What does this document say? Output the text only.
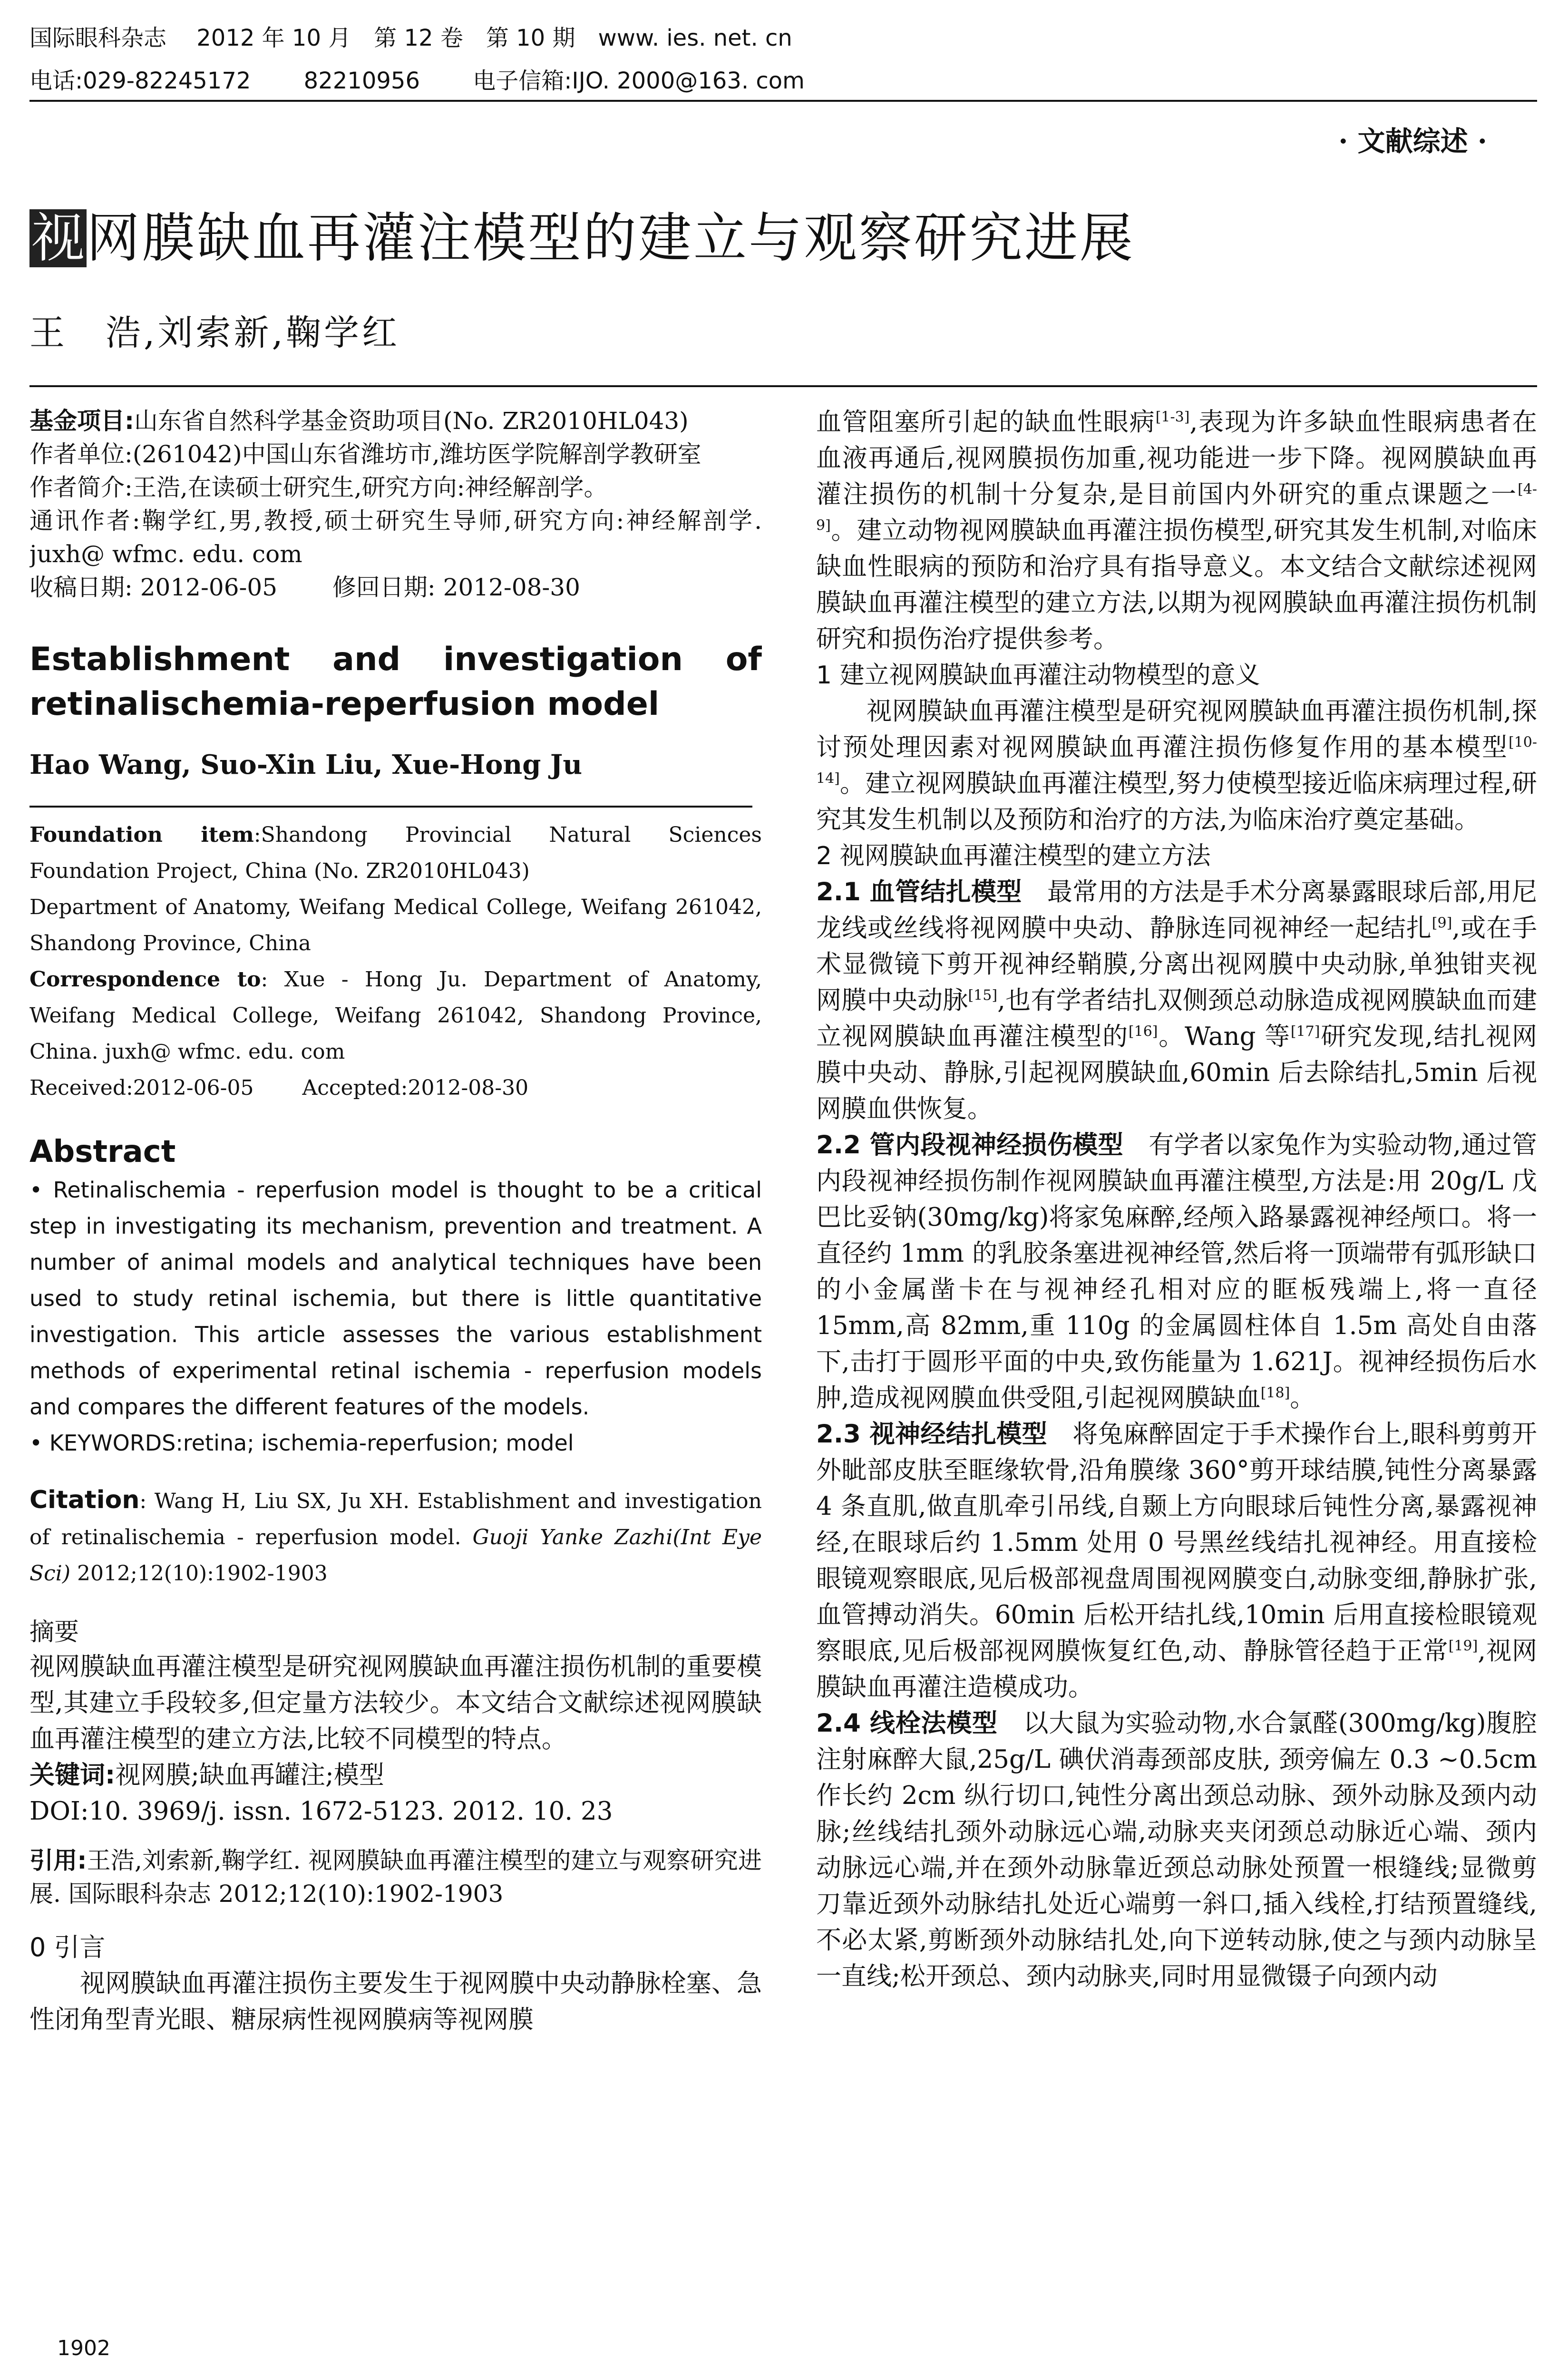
国际眼科杂志　 2012 年 10 月　第 12 卷　第 10 期　www. ies. net. cn
电话:029-82245172　　 82210956　　 电子信箱:IJO. 2000@163. com
· 文献综述 ·
视网膜缺血再灌注模型的建立与观察研究进展
王　浩,刘索新,鞠学红

基金项目:山东省自然科学基金资助项目(No. ZR2010HL043)

作者单位:(261042)中国山东省潍坊市,潍坊医学院解剖学教研室

作者简介:王浩,在读硕士研究生,研究方向:神经解剖学。

通讯作者:鞠学红,男,教授,硕士研究生导师,研究方向:神经解剖学. juxh@ wfmc. edu. com

收稿日期: 2012-06-05　　 修回日期: 2012-08-30

Establishment and investigation of retinalischemia-reperfusion model
Hao Wang, Suo-Xin Liu, Xue-Hong Ju

Foundation item:Shandong Provincial Natural Sciences Foundation Project, China (No. ZR2010HL043)

Department of Anatomy, Weifang Medical College, Weifang 261042, Shandong Province, China

Correspondence to: Xue - Hong Ju. Department of Anatomy, Weifang Medical College, Weifang 261042, Shandong Province, China. juxh@ wfmc. edu. com

Received:2012-06-05　　 Accepted:2012-08-30

Abstract

• Retinalischemia - reperfusion model is thought to be a critical step in investigating its mechanism, prevention and treatment. A number of animal models and analytical techniques have been used to study retinal ischemia, but there is little quantitative investigation. This article assesses the various establishment methods of experimental retinal ischemia - reperfusion models and compares the different features of the models.

• KEYWORDS:retina; ischemia-reperfusion; model

Citation: Wang H, Liu SX, Ju XH. Establishment and investigation of retinalischemia - reperfusion model. Guoji Yanke Zazhi(Int Eye Sci) 2012;12(10):1902-1903

摘要

视网膜缺血再灌注模型是研究视网膜缺血再灌注损伤机制的重要模型,其建立手段较多,但定量方法较少。本文结合文献综述视网膜缺血再灌注模型的建立方法,比较不同模型的特点。

关键词:视网膜;缺血再罐注;模型

DOI:10. 3969/j. issn. 1672-5123. 2012. 10. 23

引用:王浩,刘索新,鞠学红. 视网膜缺血再灌注模型的建立与观察研究进展. 国际眼科杂志 2012;12(10):1902-1903

0 引言

视网膜缺血再灌注损伤主要发生于视网膜中央动静脉栓塞、急性闭角型青光眼、糖尿病性视网膜病等视网膜

血管阻塞所引起的缺血性眼病[1-3],表现为许多缺血性眼病患者在血液再通后,视网膜损伤加重,视功能进一步下降。视网膜缺血再灌注损伤的机制十分复杂,是目前国内外研究的重点课题之一[4-9]。建立动物视网膜缺血再灌注损伤模型,研究其发生机制,对临床缺血性眼病的预防和治疗具有指导意义。本文结合文献综述视网膜缺血再灌注模型的建立方法,以期为视网膜缺血再灌注损伤机制研究和损伤治疗提供参考。

1 建立视网膜缺血再灌注动物模型的意义

视网膜缺血再灌注模型是研究视网膜缺血再灌注损伤机制,探讨预处理因素对视网膜缺血再灌注损伤修复作用的基本模型[10-14]。建立视网膜缺血再灌注模型,努力使模型接近临床病理过程,研究其发生机制以及预防和治疗的方法,为临床治疗奠定基础。

2 视网膜缺血再灌注模型的建立方法

2.1 血管结扎模型　最常用的方法是手术分离暴露眼球后部,用尼龙线或丝线将视网膜中央动、静脉连同视神经一起结扎[9],或在手术显微镜下剪开视神经鞘膜,分离出视网膜中央动脉,单独钳夹视网膜中央动脉[15],也有学者结扎双侧颈总动脉造成视网膜缺血而建立视网膜缺血再灌注模型的[16]。Wang 等[17]研究发现,结扎视网膜中央动、静脉,引起视网膜缺血,60min 后去除结扎,5min 后视网膜血供恢复。

2.2 管内段视神经损伤模型　有学者以家兔作为实验动物,通过管内段视神经损伤制作视网膜缺血再灌注模型,方法是:用 20g/L 戊巴比妥钠(30mg/kg)将家兔麻醉,经颅入路暴露视神经颅口。将一直径约 1mm 的乳胶条塞进视神经管,然后将一顶端带有弧形缺口的小金属凿卡在与视神经孔相对应的眶板残端上,将一直径 15mm,高 82mm,重 110g 的金属圆柱体自 1.5m 高处自由落下,击打于圆形平面的中央,致伤能量为 1.621J。视神经损伤后水肿,造成视网膜血供受阻,引起视网膜缺血[18]。

2.3 视神经结扎模型　将兔麻醉固定于手术操作台上,眼科剪剪开外眦部皮肤至眶缘软骨,沿角膜缘 360°剪开球结膜,钝性分离暴露 4 条直肌,做直肌牵引吊线,自颞上方向眼球后钝性分离,暴露视神经,在眼球后约 1.5mm 处用 0 号黑丝线结扎视神经。用直接检眼镜观察眼底,见后极部视盘周围视网膜变白,动脉变细,静脉扩张,血管搏动消失。60min 后松开结扎线,10min 后用直接检眼镜观察眼底,见后极部视网膜恢复红色,动、静脉管径趋于正常[19],视网膜缺血再灌注造模成功。

2.4 线栓法模型　以大鼠为实验动物,水合氯醛(300mg/kg)腹腔注射麻醉大鼠,25g/L 碘伏消毒颈部皮肤, 颈旁偏左 0.3 ~0.5cm 作长约 2cm 纵行切口,钝性分离出颈总动脉、颈外动脉及颈内动脉;丝线结扎颈外动脉远心端,动脉夹夹闭颈总动脉近心端、颈内动脉远心端,并在颈外动脉靠近颈总动脉处预置一根缝线;显微剪刀靠近颈外动脉结扎处近心端剪一斜口,插入线栓,打结预置缝线,不必太紧,剪断颈外动脉结扎处,向下逆转动脉,使之与颈内动脉呈一直线;松开颈总、颈内动脉夹,同时用显微镊子向颈内动

1902
